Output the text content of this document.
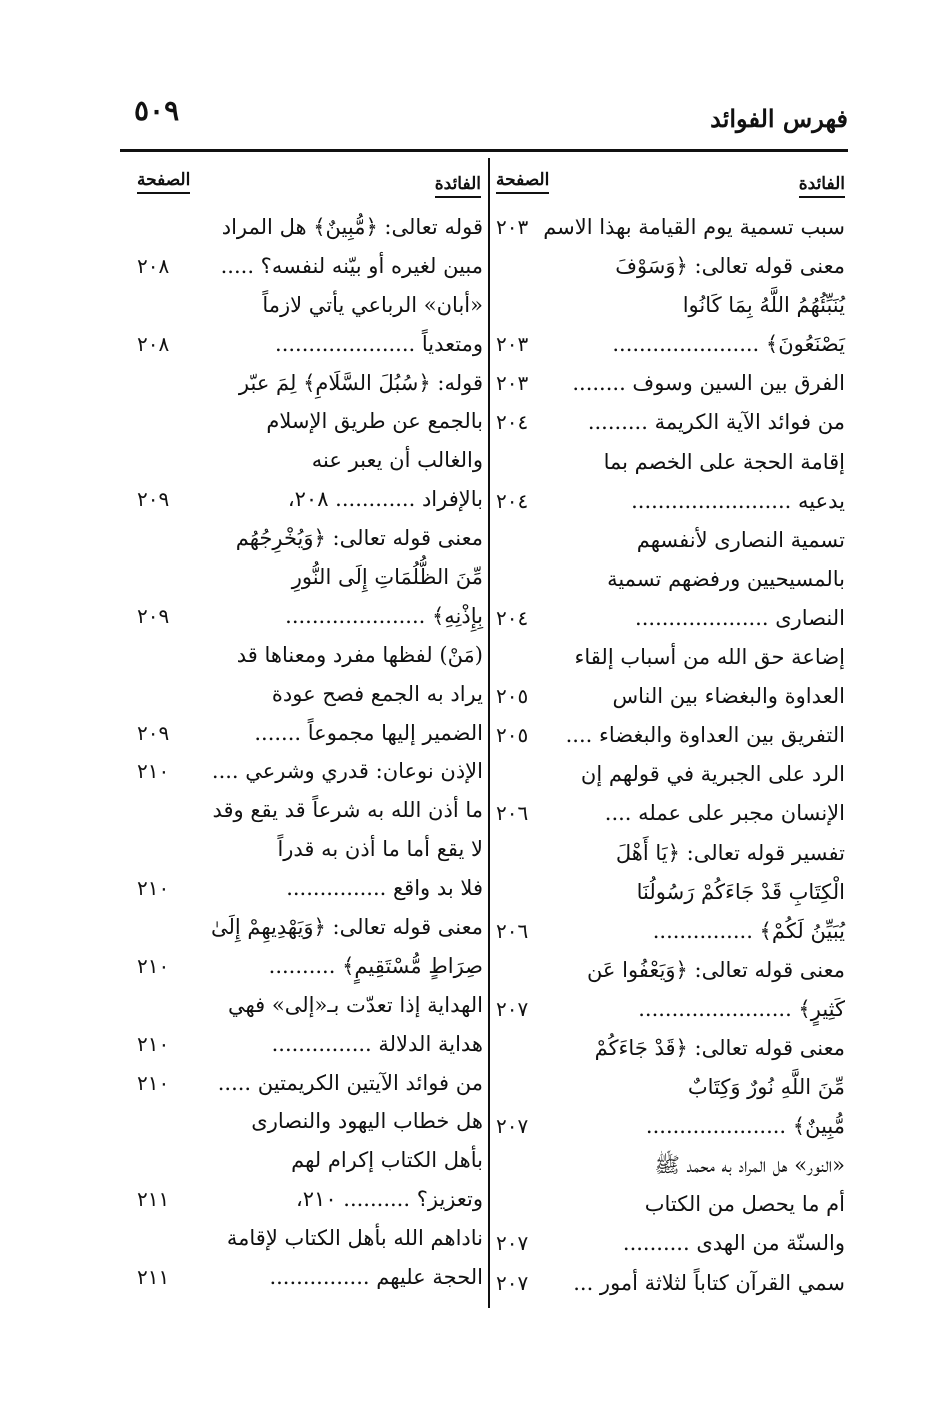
فهرس الفوائد
٥٠٩
الفائدة
الصفحة
سبب تسمية يوم القيامة بهذا الاسم
٢٠٣
معنى قوله تعالى: ﴿وَسَوْفَ
يُنَبِّئُهُمُ اللَّهُ بِمَا كَانُوا
يَصْنَعُونَ﴾ ......................
٢٠٣
الفرق بين السين وسوف ........
٢٠٣
من فوائد الآية الكريمة .........
٢٠٤
إقامة الحجة على الخصم بما
يدعيه ........................
٢٠٤
تسمية النصارى لأنفسهم
بالمسيحيين ورفضهم تسمية
النصارى ....................
٢٠٤
إضاعة حق الله من أسباب إلقاء
العداوة والبغضاء بين الناس
٢٠٥
التفريق بين العداوة والبغضاء ....
٢٠٥
الرد على الجبرية في قولهم إن
الإنسان مجبر على عمله ....
٢٠٦
تفسير قوله تعالى: ﴿يَا أَهْلَ
الْكِتَابِ قَدْ جَاءَكُمْ رَسُولُنَا
يُبَيِّنُ لَكُمْ﴾ ...............
٢٠٦
معنى قوله تعالى: ﴿وَيَعْفُوا عَن
كَثِيرٍ﴾ .......................
٢٠٧
معنى قوله تعالى: ﴿قَدْ جَاءَكُمْ
مِّنَ اللَّهِ نُورٌ وَكِتَابٌ
مُّبِينٌ﴾ .....................
٢٠٧
«النور» هل المراد به محمد ﷺ
أم ما يحصل من الكتاب
والسنّة من الهدى ..........
٢٠٧
سمي القرآن كتاباً لثلاثة أمور ...
٢٠٧
الفائدة
الصفحة
قوله تعالى: ﴿مُّبِينٌ﴾ هل المراد
مبين لغيره أو بيّنه لنفسه؟ .....
٢٠٨
«أبان» الرباعي يأتي لازماً
ومتعدياً .....................
٢٠٨
قوله: ﴿سُبُلَ السَّلَامِ﴾ لِمَ عبّر
بالجمع عن طريق الإسلام
والغالب أن يعبر عنه
بالإفراد ............ ٢٠٨،
٢٠٩
معنى قوله تعالى: ﴿وَيُخْرِجُهُم
مِّنَ الظُّلُمَاتِ إِلَى النُّورِ
بِإِذْنِهِ﴾ .....................
٢٠٩
(مَنْ) لفظها مفرد ومعناها قد
يراد به الجمع فصح عودة
الضمير إليها مجموعاً .......
٢٠٩
الإذن نوعان: قدري وشرعي ....
٢١٠
ما أذن الله به شرعاً قد يقع وقد
لا يقع أما ما أذن به قدراً
فلا بد واقع ...............
٢١٠
معنى قوله تعالى: ﴿وَيَهْدِيهِمْ إِلَىٰ
صِرَاطٍ مُّسْتَقِيمٍ﴾ ..........
٢١٠
الهداية إذا تعدّت بـ«إلى» فهي
هداية الدلالة ...............
٢١٠
من فوائد الآيتين الكريمتين .....
٢١٠
هل خطاب اليهود والنصارى
بأهل الكتاب إكرام لهم
وتعزيز؟ .......... ٢١٠،
٢١١
ناداهم الله بأهل الكتاب لإقامة
الحجة عليهم ...............
٢١١
